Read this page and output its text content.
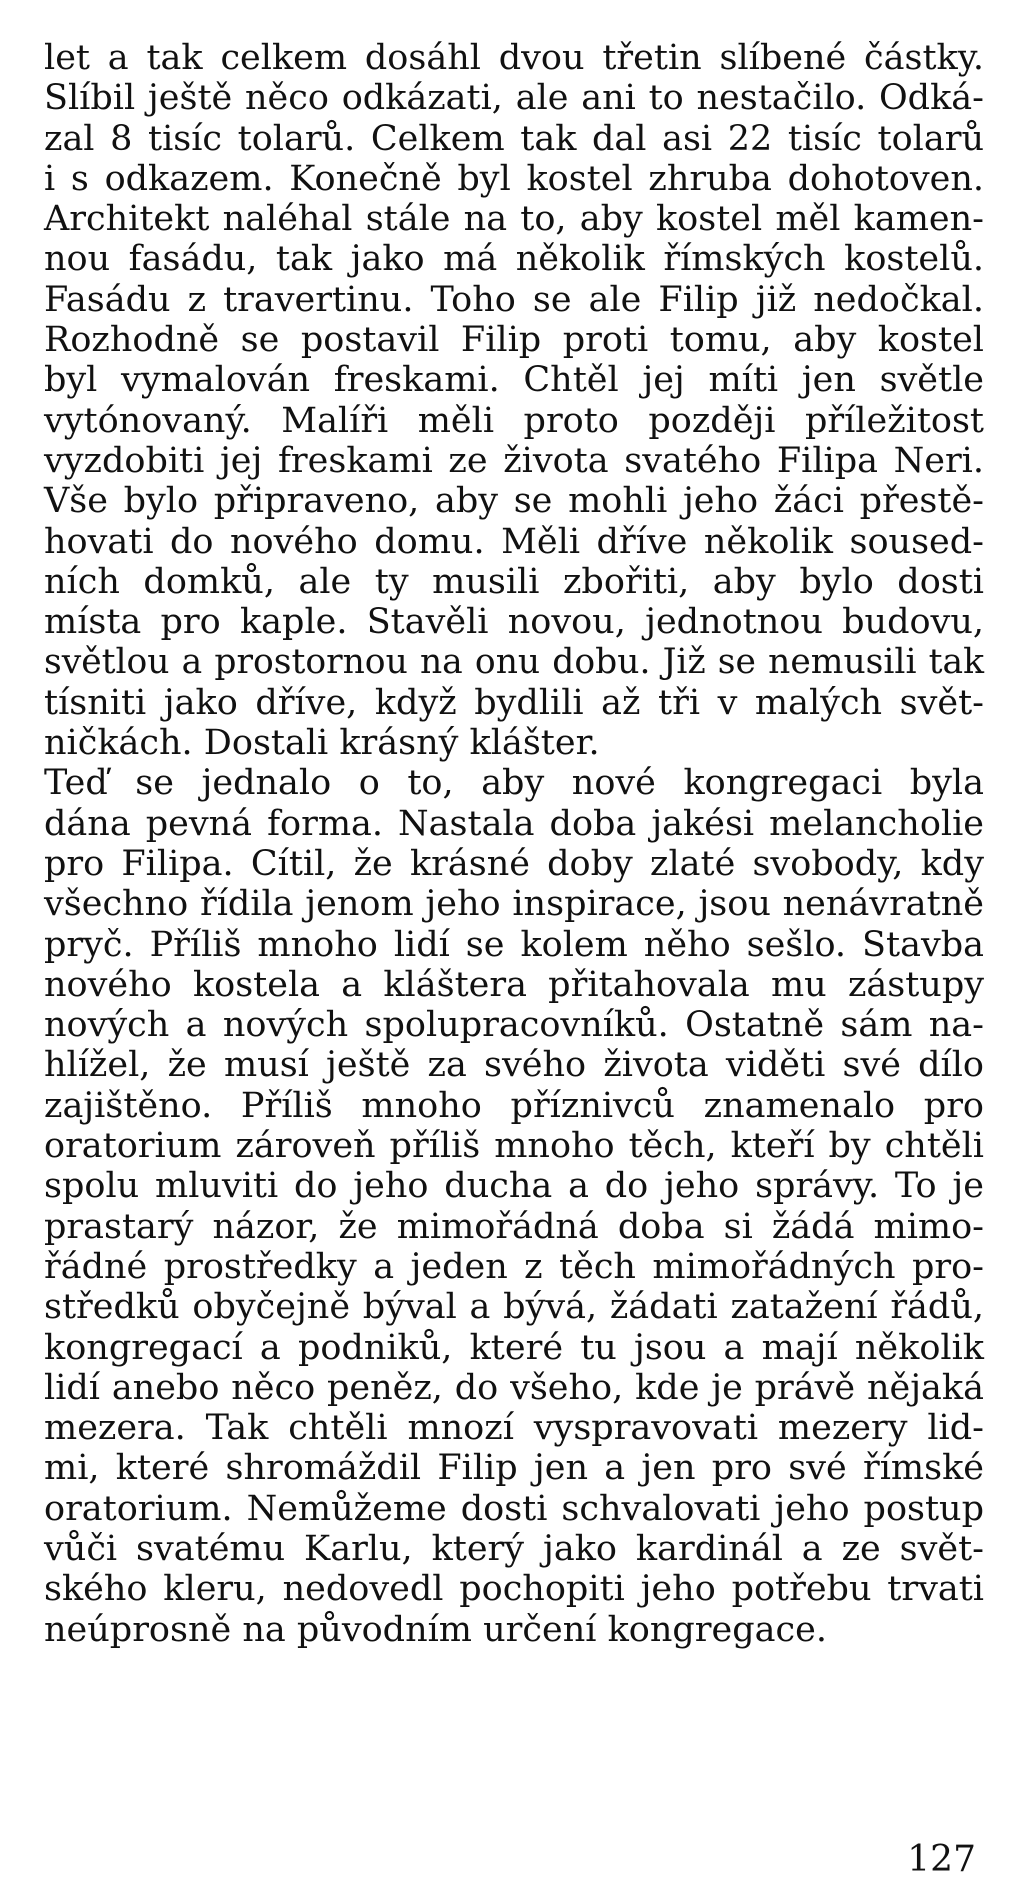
let a tak celkem dosáhl dvou třetin slíbené částky.
Slíbil ještě něco odkázati, ale ani to nestačilo. Odká-
zal 8 tisíc tolarů. Celkem tak dal asi 22 tisíc tolarů
i s odkazem. Konečně byl kostel zhruba dohotoven.
Architekt naléhal stále na to, aby kostel měl kamen-
nou fasádu, tak jako má několik římských kostelů.
Fasádu z travertinu. Toho se ale Filip již nedočkal.
Rozhodně se postavil Filip proti tomu, aby kostel
byl vymalován freskami. Chtěl jej míti jen světle
vytónovaný. Malíři měli proto později příležitost
vyzdobiti jej freskami ze života svatého Filipa Neri.
Vše bylo připraveno, aby se mohli jeho žáci přestě-
hovati do nového domu. Měli dříve několik soused-
ních domků, ale ty musili zbořiti, aby bylo dosti
místa pro kaple. Stavěli novou, jednotnou budovu,
světlou a prostornou na onu dobu. Již se nemusili tak
tísniti jako dříve, když bydlili až tři v malých svět-
ničkách. Dostali krásný klášter.
Teď se jednalo o to, aby nové kongregaci byla
dána pevná forma. Nastala doba jakési melancholie
pro Filipa. Cítil, že krásné doby zlaté svobody, kdy
všechno řídila jenom jeho inspirace, jsou nenávratně
pryč. Příliš mnoho lidí se kolem něho sešlo. Stavba
nového kostela a kláštera přitahovala mu zástupy
nových a nových spolupracovníků. Ostatně sám na-
hlížel, že musí ještě za svého života viděti své dílo
zajištěno. Příliš mnoho příznivců znamenalo pro
oratorium zároveň příliš mnoho těch, kteří by chtěli
spolu mluviti do jeho ducha a do jeho správy. To je
prastarý názor, že mimořádná doba si žádá mimo-
řádné prostředky a jeden z těch mimořádných pro-
středků obyčejně býval a bývá, žádati zatažení řádů,
kongregací a podniků, které tu jsou a mají několik
lidí anebo něco peněz, do všeho, kde je právě nějaká
mezera. Tak chtěli mnozí vyspravovati mezery lid-
mi, které shromáždil Filip jen a jen pro své římské
oratorium. Nemůžeme dosti schvalovati jeho postup
vůči svatému Karlu, který jako kardinál a ze svět-
ského kleru, nedovedl pochopiti jeho potřebu trvati
neúprosně na původním určení kongregace.
127
